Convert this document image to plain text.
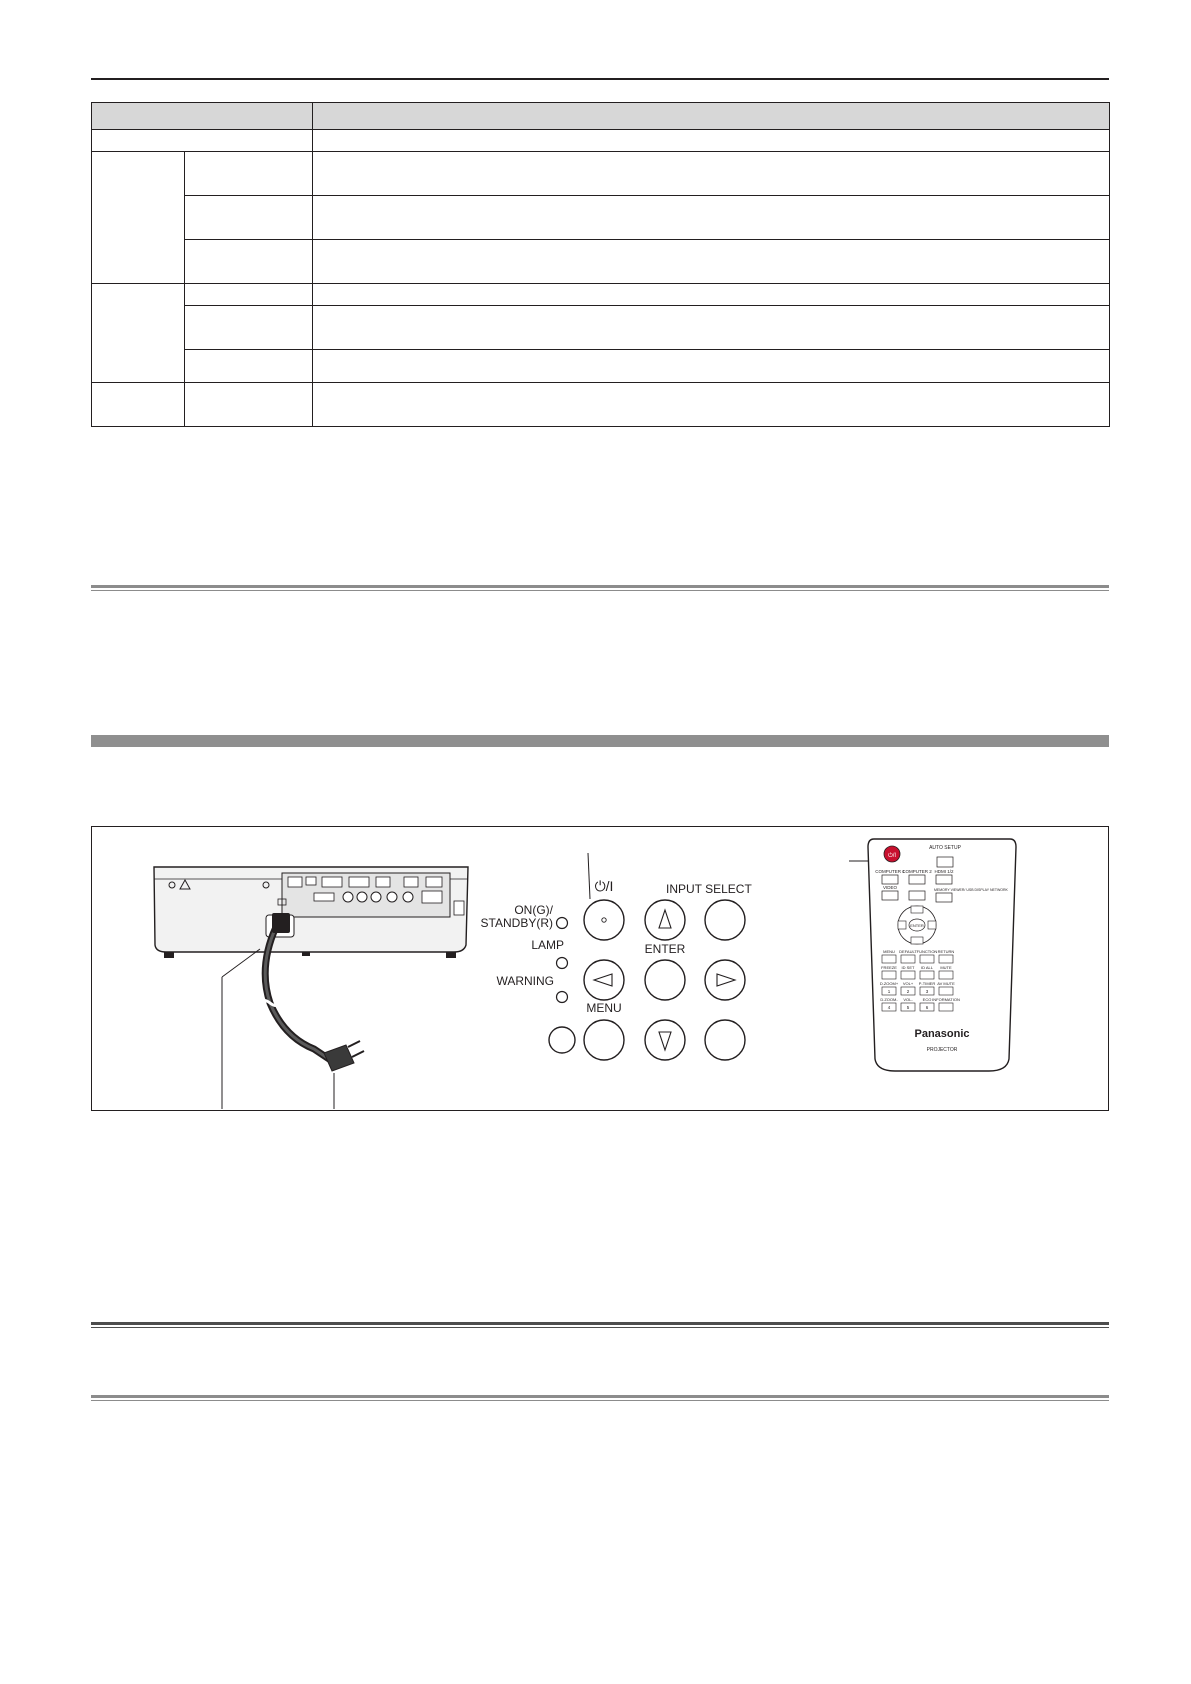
ON(G)/ STANDBY(R)
⏻/I	INPUT SELECT
LAMP
WARNING
ENTER
MENU
⏻/I
AUTO SETUP
COMPUTER 1
COMPUTER 2 HDMI 1/2
VIDEO	MEMORY VIEWER/ USB DISPLAY NETWORK
ENTER
MENU DEFAULT FUNCTION RETURN
FREEZE ID SET ID ALL MUTE
D.ZOOM+ VOL+ P-TIMER AV MUTE
1	2	3
D.ZOOM- VOL- ECO INFORMATION
4	5	6
Panasonic
PROJECTOR
